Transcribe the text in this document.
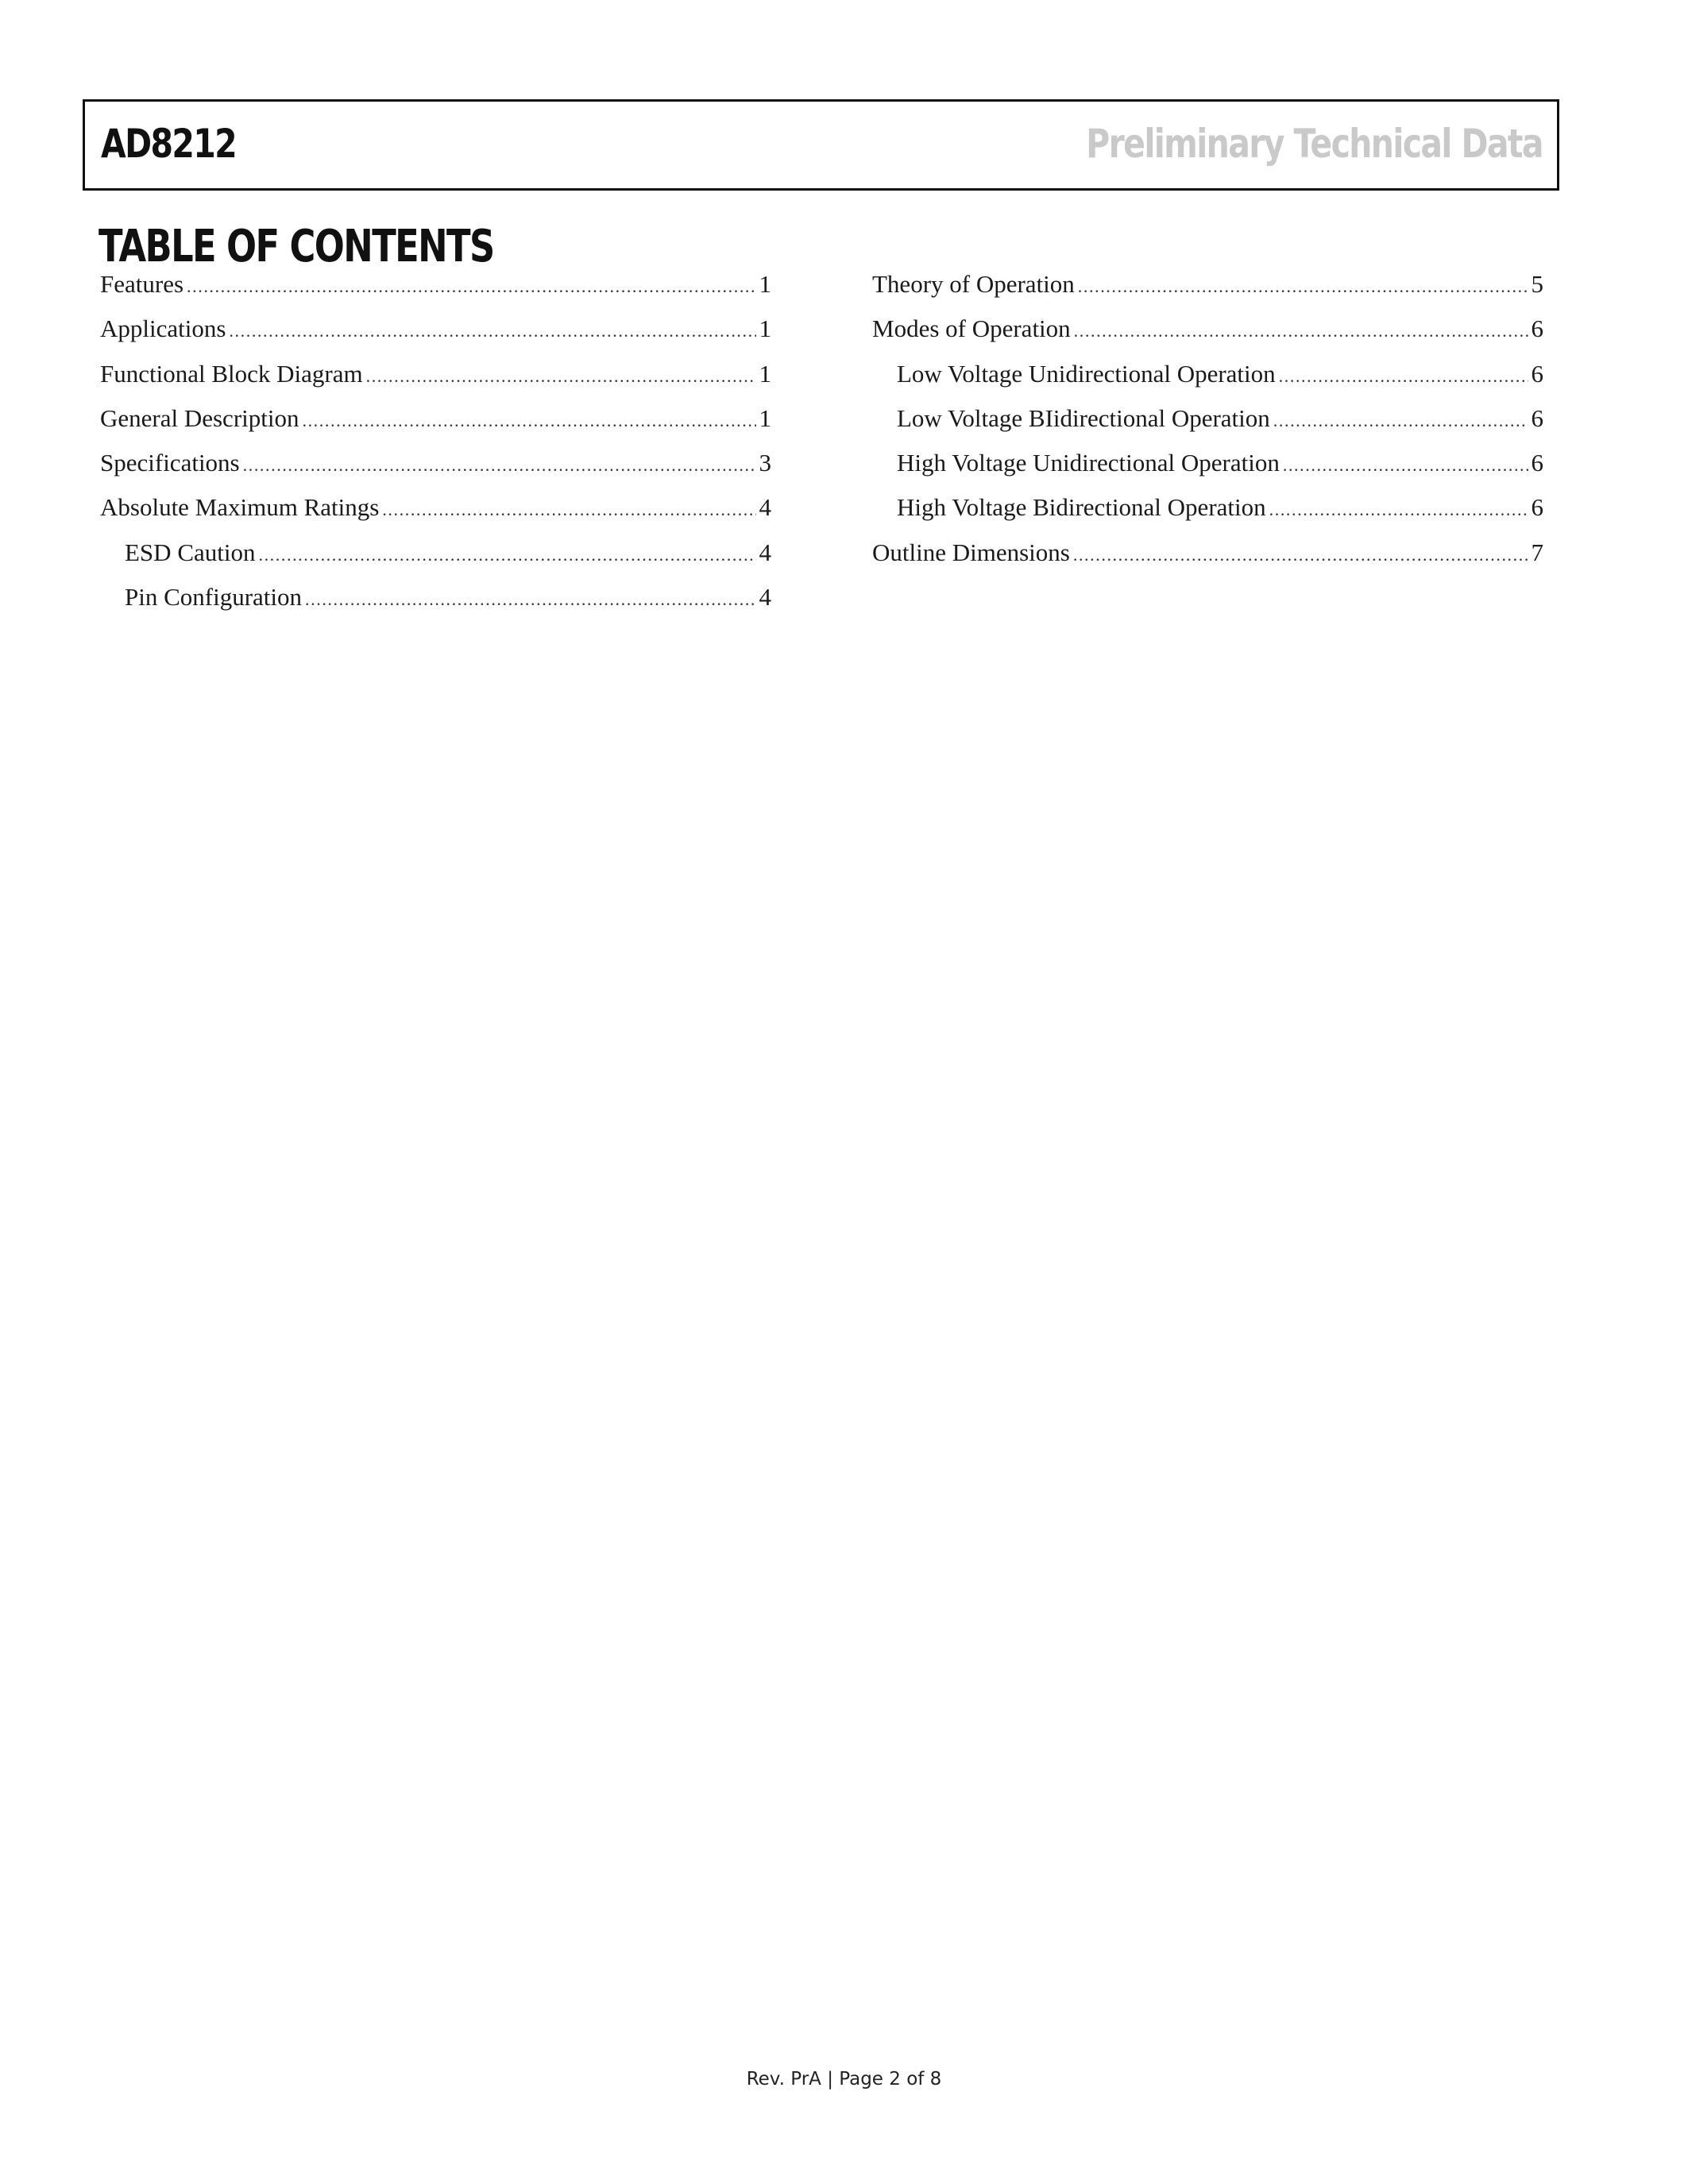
AD8212	Preliminary Technical Data
TABLE OF CONTENTS
Features .....	1
Applications .....	1
Functional Block Diagram .....	1
General Description .....	1
Specifications .....	3
Absolute Maximum Ratings .....	4
ESD Caution .....	4
Pin Configuration .....	4
Theory of Operation .....	5
Modes of Operation .....	6
Low Voltage Unidirectional Operation .....	6
Low Voltage BIidirectional Operation .....	6
High Voltage Unidirectional Operation .....	6
High Voltage Bidirectional Operation .....	6
Outline Dimensions .....	7
Rev. PrA | Page 2 of 8
